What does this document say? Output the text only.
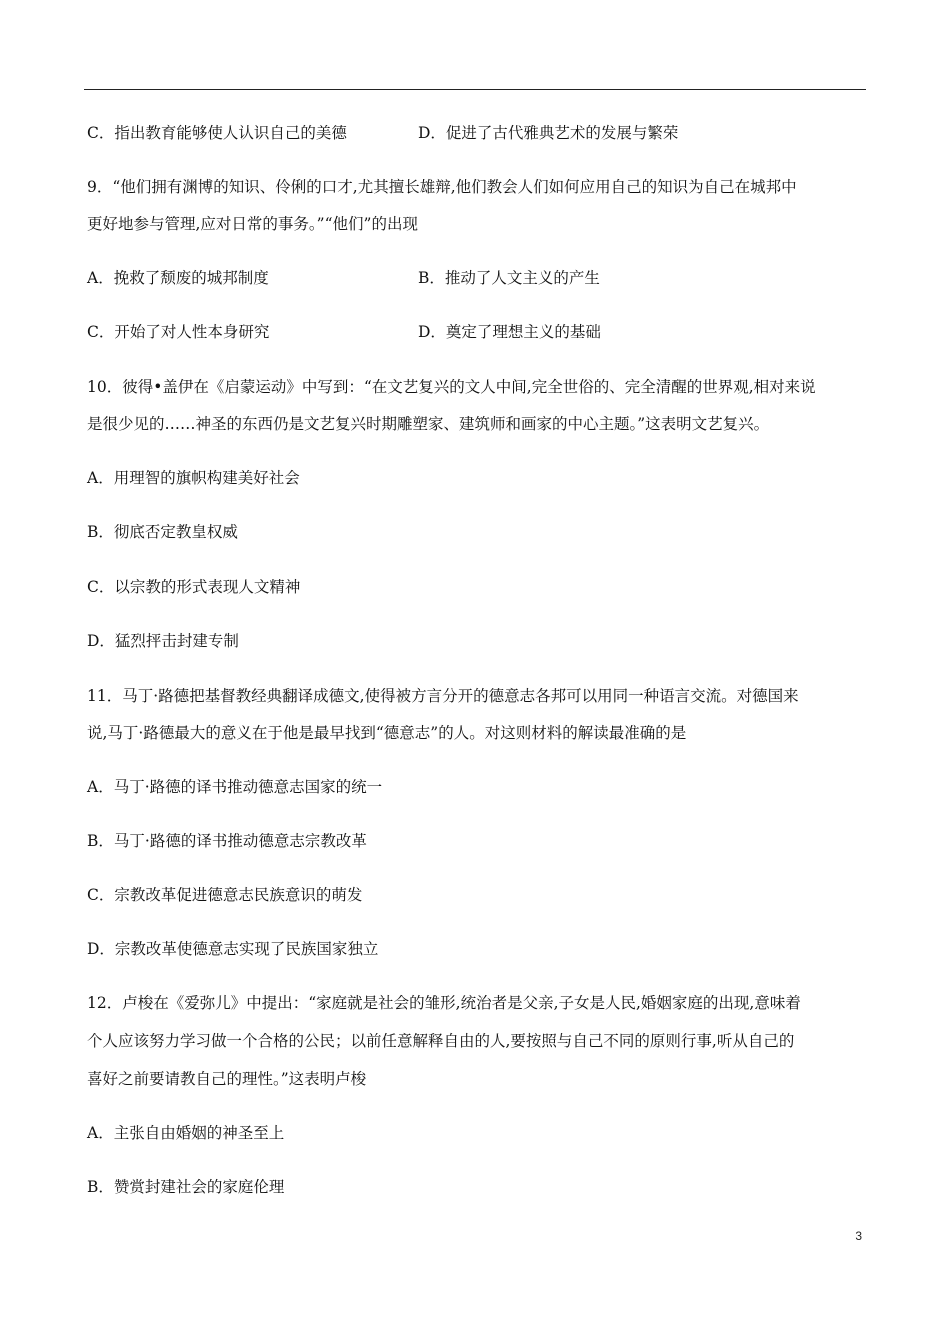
C．指出教育能够使人认识自己的美德	D．促进了古代雅典艺术的发展与繁荣
9．“他们拥有渊博的知识、伶俐的口才,尤其擅长雄辩,他们教会人们如何应用自己的知识为自己在城邦中
更好地参与管理,应对日常的事务。”“他们”的出现
A．挽救了颓废的城邦制度	B．推动了人文主义的产生
C．开始了对人性本身研究	D．奠定了理想主义的基础
10．彼得•盖伊在《启蒙运动》中写到：“在文艺复兴的文人中间,完全世俗的、完全清醒的世界观,相对来说
是很少见的……神圣的东西仍是文艺复兴时期雕塑家、建筑师和画家的中心主题。”这表明文艺复兴。
A．用理智的旗帜构建美好社会
B．彻底否定教皇权威
C．以宗教的形式表现人文精神
D．猛烈抨击封建专制
11．马丁·路德把基督教经典翻译成德文,使得被方言分开的德意志各邦可以用同一种语言交流。对德国来
说,马丁·路德最大的意义在于他是最早找到“德意志”的人。对这则材料的解读最准确的是
A．马丁·路德的译书推动德意志国家的统一
B．马丁·路德的译书推动德意志宗教改革
C．宗教改革促进德意志民族意识的萌发
D．宗教改革使德意志实现了民族国家独立
12．卢梭在《爱弥儿》中提出：“家庭就是社会的雏形,统治者是父亲,子女是人民,婚姻家庭的出现,意味着
个人应该努力学习做一个合格的公民；以前任意解释自由的人,要按照与自己不同的原则行事,听从自己的
喜好之前要请教自己的理性。”这表明卢梭
A．主张自由婚姻的神圣至上
B．赞赏封建社会的家庭伦理
3
